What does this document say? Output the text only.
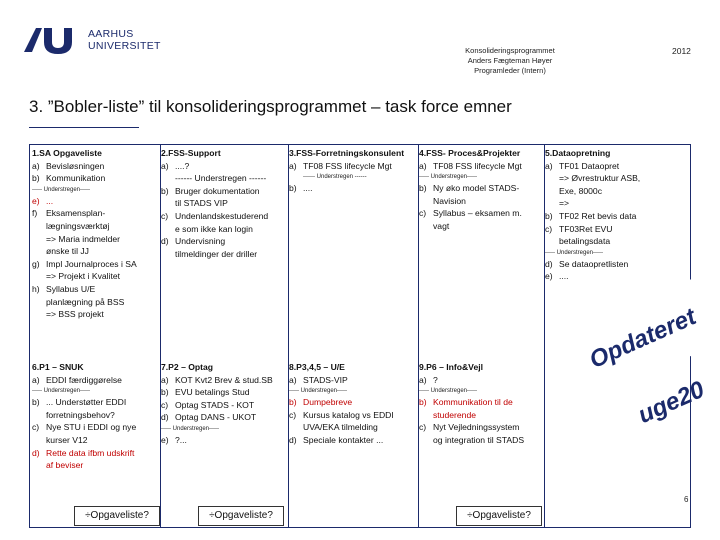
AARHUS
UNIVERSITET	Konsolideringsprogrammet
Anders Fægteman Høyer
Programleder (Intern)
2012
3. ”Bobler-liste” til konsolideringsprogrammet – task force emner
1.SA Opgaveliste
a) Bevisløsningen
b) Kommunikation
----- Understregen-----
e) ...
f)	Eksamensplan-
lægningsværktøj
=> Maria indmelder
ønske til JJ
g) Impl Journalproces i SA
=> Projekt i Kvalitet
h) Syllabus U/E
planlægning på BSS
=> BSS projekt
2.FSS-Support
a) ....?
------ Understregen ------
b) Bruger dokumentation
til STADS VIP
c) Undenlandskestuderend
e som ikke kan login
d) Undervisning
tilmeldinger der driller
3.FSS-Forretningskonsulent
a) TF08 FSS lifecycle Mgt
------ Understregen ------
b) ....
4.FSS- Proces&Projekter
a) TF08 FSS lifecycle Mgt
----- Understregen-----
b) Ny øko model STADS-
Navision
c) Syllabus – eksamen m.
vagt
5.Dataopretning
a) TF01 Dataopret
=> Øvrestruktur ASB,
Exe, 8000c
=>
b) TF02 Ret bevis data
c) TF03Ret EVU
betalingsdata
----- Understregen-----
d) Se dataopretlisten
e) ....
6.P1 – SNUK
a) EDDI færdiggørelse
----- Understregen-----
b) ... Understøtter EDDI
forretningsbehov?
c) Nye STU i EDDI og nye
kurser V12
d) Rette data ifbm udskrift
af beviser
7.P2 – Optag
a) KOT Kvt2 Brev & stud.SB
b) EVU betalings Stud
c) Optag STADS - KOT
d) Optag DANS - UKOT
----- Understregen-----
e) ?...
8.P3,4,5 – U/E
a) STADS-VIP
----- Understregen-----
b) Dumpebreve
c) Kursus katalog vs EDDI
UVA/EKA tilmelding
d) Speciale kontakter ...
9.P6 – Info&Vejl
a) ?
----- Understregen-----
b) Kommunikation til de
studerende
c) Nyt Vejledningssystem
og integration til STADS
÷Opgaveliste?	÷Opgaveliste?	÷Opgaveliste?
Opdateret uge20
6
